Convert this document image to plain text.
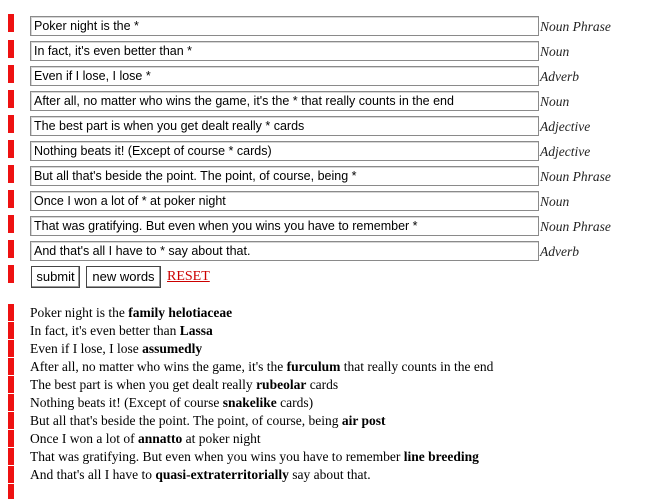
Poker night is the *	Noun Phrase
In fact, it's even better than *	Noun
Even if I lose, I lose *	Adverb
After all, no matter who wins the game, it's the * that really counts in the end	Noun
The best part is when you get dealt really * cards	Adjective
Nothing beats it! (Except of course * cards)	Adjective
But all that's beside the point. The point, of course, being *	Noun Phrase
Once I won a lot of * at poker night	Noun
That was gratifying. But even when you wins you have to remember *	Noun Phrase
And that's all I have to * say about that.	Adverb
submit	new words RESET
Poker night is the family helotiaceae
In fact, it's even better than Lassa
Even if I lose, I lose assumedly
After all, no matter who wins the game, it's the furculum that really counts in the end
The best part is when you get dealt really rubeolar cards
Nothing beats it! (Except of course snakelike cards)
But all that's beside the point. The point, of course, being air post
Once I won a lot of annatto at poker night
That was gratifying. But even when you wins you have to remember line breeding
And that's all I have to quasi-extraterritorially say about that.
